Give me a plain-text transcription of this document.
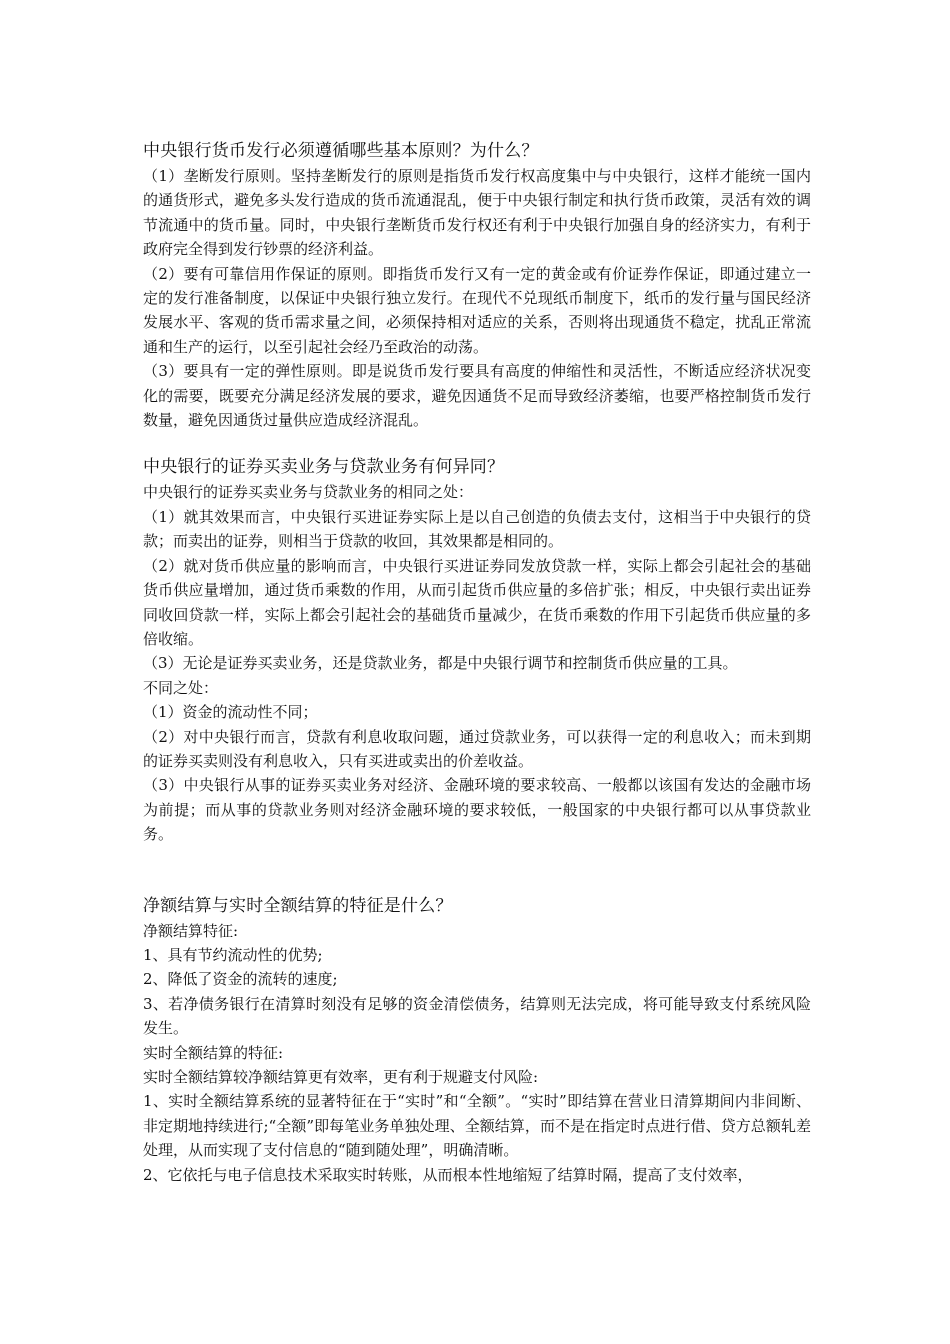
中央银行货币发行必须遵循哪些基本原则？为什么？

（1）垄断发行原则。坚持垄断发行的原则是指货币发行权高度集中与中央银行，这样才能统一国内的通货形式，避免多头发行造成的货币流通混乱，便于中央银行制定和执行货币政策，灵活有效的调节流通中的货币量。同时，中央银行垄断货币发行权还有利于中央银行加强自身的经济实力，有利于政府完全得到发行钞票的经济利益。

（2）要有可靠信用作保证的原则。即指货币发行又有一定的黄金或有价证券作保证，即通过建立一定的发行准备制度，以保证中央银行独立发行。在现代不兑现纸币制度下，纸币的发行量与国民经济发展水平、客观的货币需求量之间，必须保持相对适应的关系，否则将出现通货不稳定，扰乱正常流通和生产的运行，以至引起社会经乃至政治的动荡。

（3）要具有一定的弹性原则。即是说货币发行要具有高度的伸缩性和灵活性，不断适应经济状况变化的需要，既要充分满足经济发展的要求，避免因通货不足而导致经济萎缩，也要严格控制货币发行数量，避免因通货过量供应造成经济混乱。

中央银行的证券买卖业务与贷款业务有何异同？

中央银行的证券买卖业务与贷款业务的相同之处：

（1）就其效果而言，中央银行买进证券实际上是以自己创造的负债去支付，这相当于中央银行的贷款；而卖出的证券，则相当于贷款的收回，其效果都是相同的。

（2）就对货币供应量的影响而言，中央银行买进证券同发放贷款一样，实际上都会引起社会的基础货币供应量增加，通过货币乘数的作用，从而引起货币供应量的多倍扩张；相反，中央银行卖出证券同收回贷款一样，实际上都会引起社会的基础货币量减少，在货币乘数的作用下引起货币供应量的多倍收缩。

（3）无论是证券买卖业务，还是贷款业务，都是中央银行调节和控制货币供应量的工具。

不同之处：

（1）资金的流动性不同；

（2）对中央银行而言，贷款有利息收取问题，通过贷款业务，可以获得一定的利息收入；而未到期的证券买卖则没有利息收入，只有买进或卖出的价差收益。

（3）中央银行从事的证券买卖业务对经济、金融环境的要求较高、一般都以该国有发达的金融市场为前提；而从事的贷款业务则对经济金融环境的要求较低，一般国家的中央银行都可以从事贷款业务。

净额结算与实时全额结算的特征是什么？

净额结算特征:

1、具有节约流动性的优势;

2、降低了资金的流转的速度;

3、若净债务银行在清算时刻没有足够的资金清偿债务，结算则无法完成，将可能导致支付系统风险发生。

实时全额结算的特征:

实时全额结算较净额结算更有效率，更有利于规避支付风险:

1、实时全额结算系统的显著特征在于“实时”和“全额”。“实时”即结算在营业日清算期间内非间断、非定期地持续进行;“全额”即每笔业务单独处理、全额结算，而不是在指定时点进行借、贷方总额轧差处理，从而实现了支付信息的“随到随处理”，明确清晰。

2、它依托与电子信息技术采取实时转账，从而根本性地缩短了结算时隔，提高了支付效率，
